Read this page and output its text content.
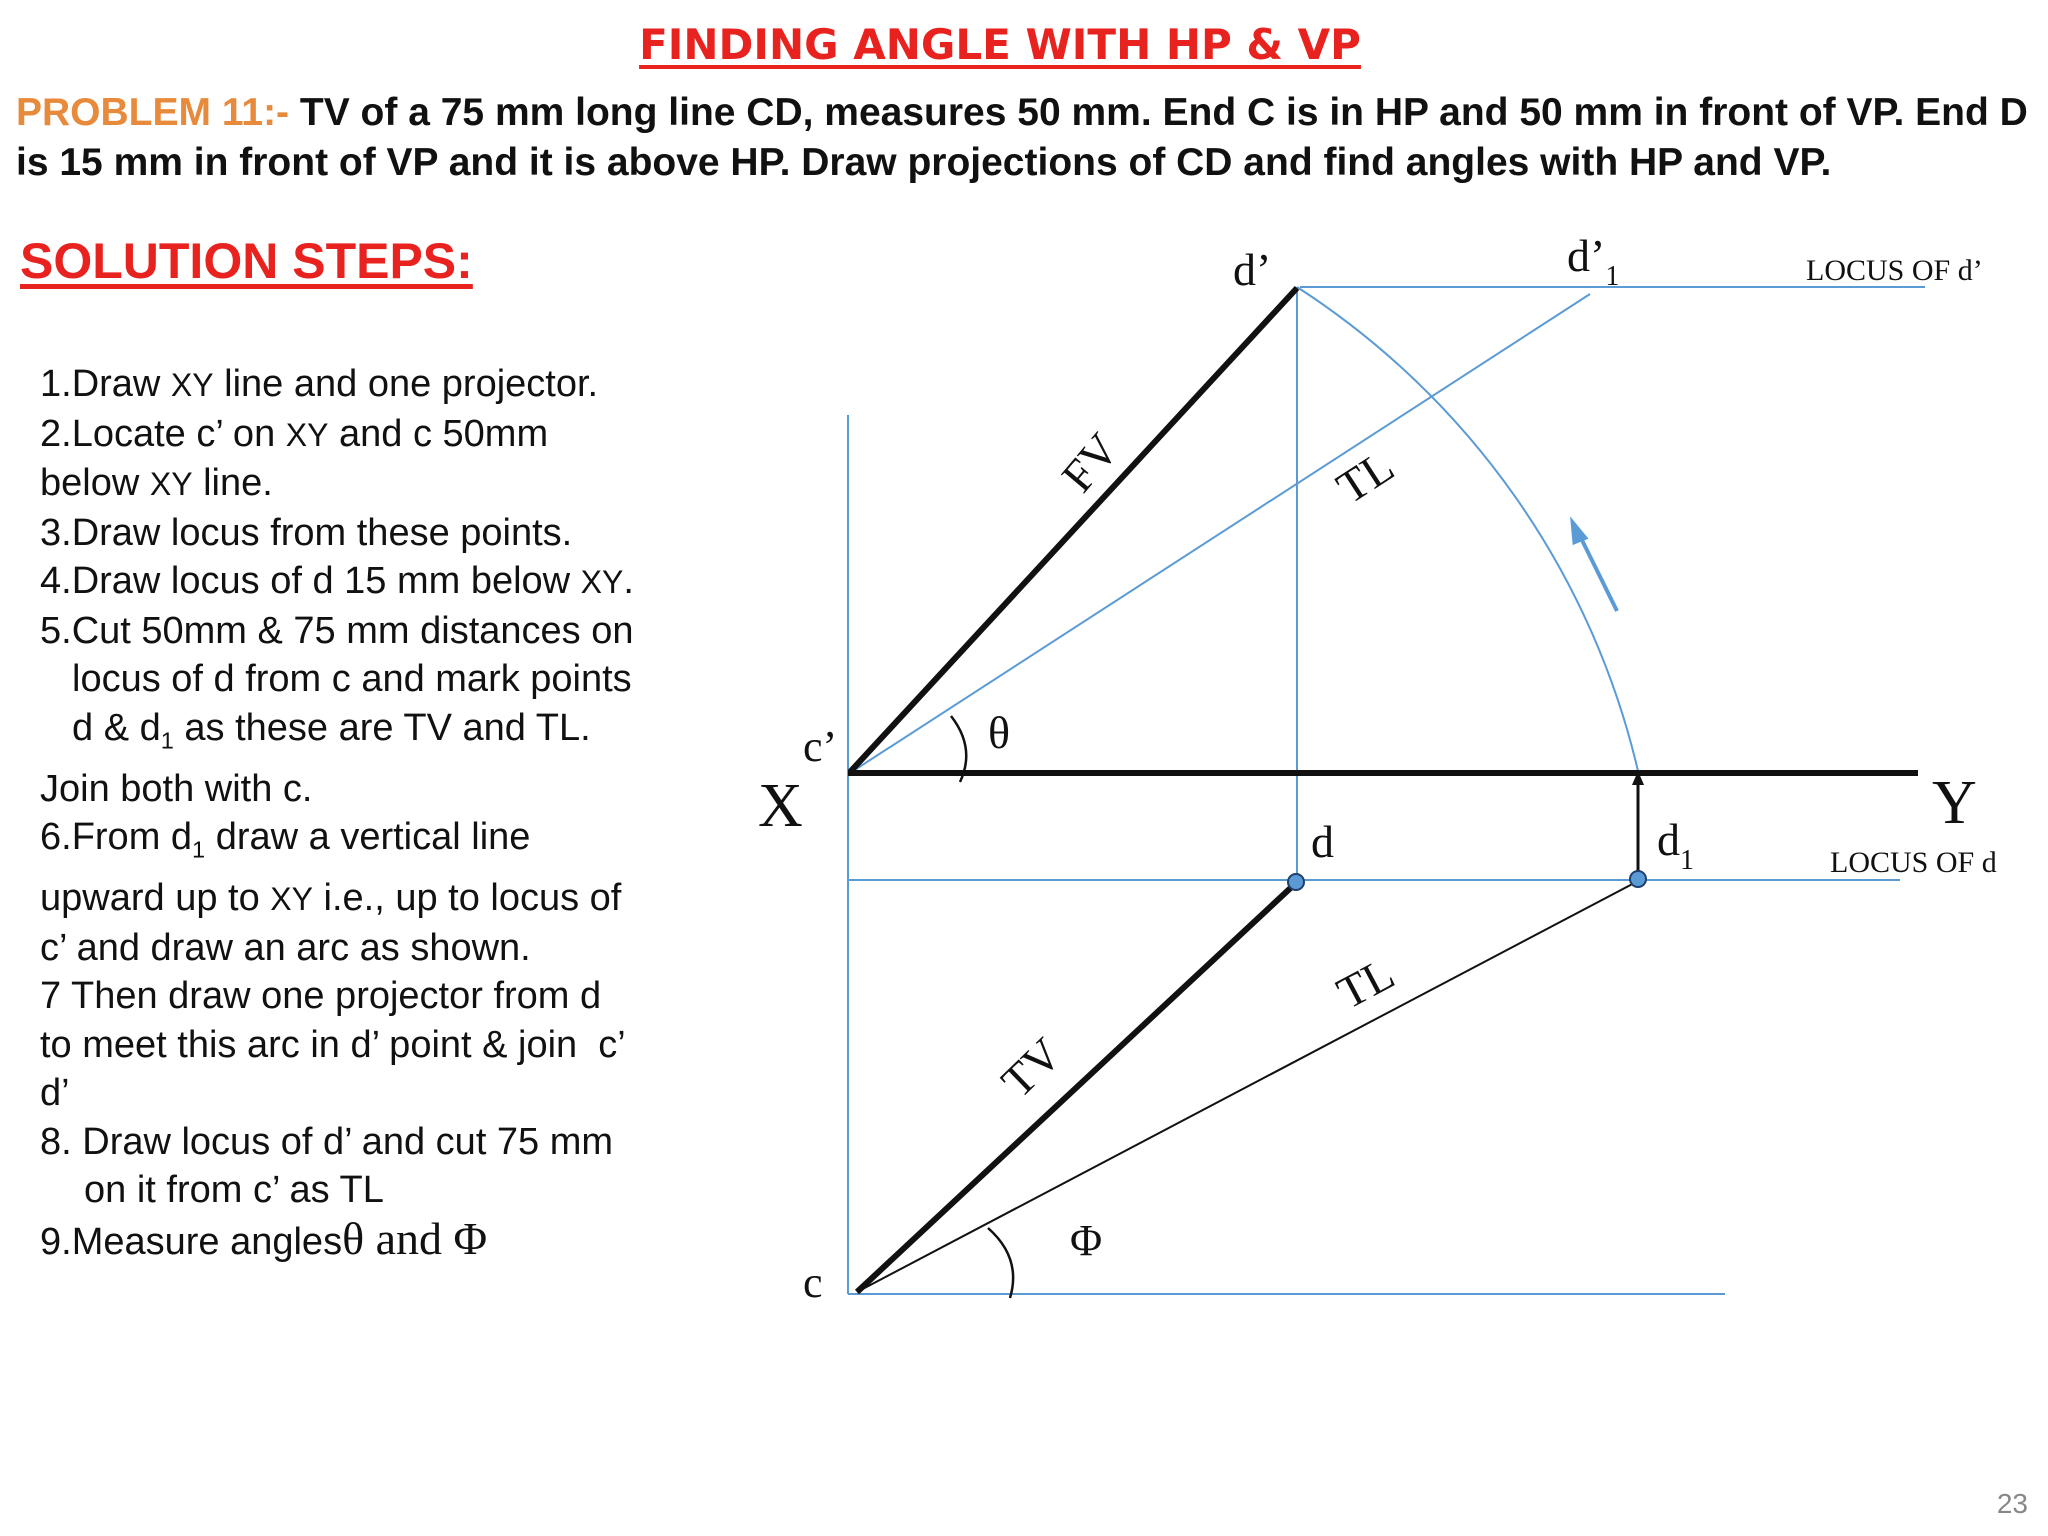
FINDING ANGLE WITH HP & VP
PROBLEM 11:- TV of a 75 mm long line CD, measures 50 mm. End C is in HP and 50 mm in front of VP. End D is 15 mm in front of VP and it is above HP. Draw projections of CD and find angles with HP and VP.
SOLUTION STEPS:
1.Draw XY line and one projector.
2.Locate c’ on XY and c 50mm
below XY line.
3.Draw locus from these points.
4.Draw locus of d 15 mm below XY.
5.Cut 50mm & 75 mm distances on
locus of d from c and mark points
d & $d_1$ as these are TV and TL.
Join both with c.
6.From $d_1$ draw a vertical line
upward up to XY i.e., up to locus of
c’ and draw an arc as shown.
7 Then draw one projector from d
to meet this arc in d’ point & join  c’
d’
8. Draw locus of d’ and cut 75 mm
on it from c’ as TL
9.Measure anglesθ and Φ
X	Y
c’
c
d’	$d’_1$
d	$d_1$
LOCUS OF d’
LOCUS OF d
θ
Φ
FV	TL
TL
TV
23
